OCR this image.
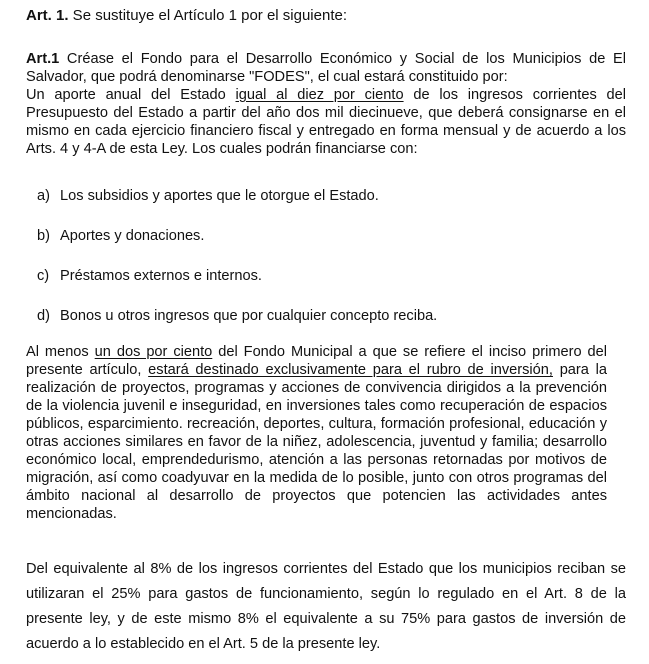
Art. 1. Se sustituye el Artículo 1 por el siguiente:
Art.1 Créase el Fondo para el Desarrollo Económico y Social de los Municipios de El Salvador, que podrá denominarse "FODES", el cual estará constituido por:
Un aporte anual del Estado igual al diez por ciento de los ingresos corrientes del Presupuesto del Estado a partir del año dos mil diecinueve, que deberá consignarse en el mismo en cada ejercicio financiero fiscal y entregado en forma mensual y de acuerdo a los Arts. 4 y 4-A de esta Ley. Los cuales podrán financiarse con:
a) Los subsidios y aportes que le otorgue el Estado.
b) Aportes y donaciones.
c) Préstamos externos e internos.
d) Bonos u otros ingresos que por cualquier concepto reciba.
Al menos un dos por ciento del Fondo Municipal a que se refiere el inciso primero del presente artículo, estará destinado exclusivamente para el rubro de inversión, para la realización de proyectos, programas y acciones de convivencia dirigidos a la prevención de la violencia juvenil e inseguridad, en inversiones tales como recuperación de espacios públicos, esparcimiento. recreación, deportes, cultura, formación profesional, educación y otras acciones similares en favor de la niñez, adolescencia, juventud y familia; desarrollo económico local, emprendedurismo, atención a las personas retornadas por motivos de migración, así como coadyuvar en la medida de lo posible, junto con otros programas del ámbito nacional al desarrollo de proyectos que potencien las actividades antes mencionadas.
Del equivalente al 8% de los ingresos corrientes del Estado que los municipios reciban se utilizaran el 25% para gastos de funcionamiento, según lo regulado en el Art. 8 de la presente ley, y de este mismo 8% el equivalente a su 75% para gastos de inversión de acuerdo a lo establecido en el Art. 5 de la presente ley.
